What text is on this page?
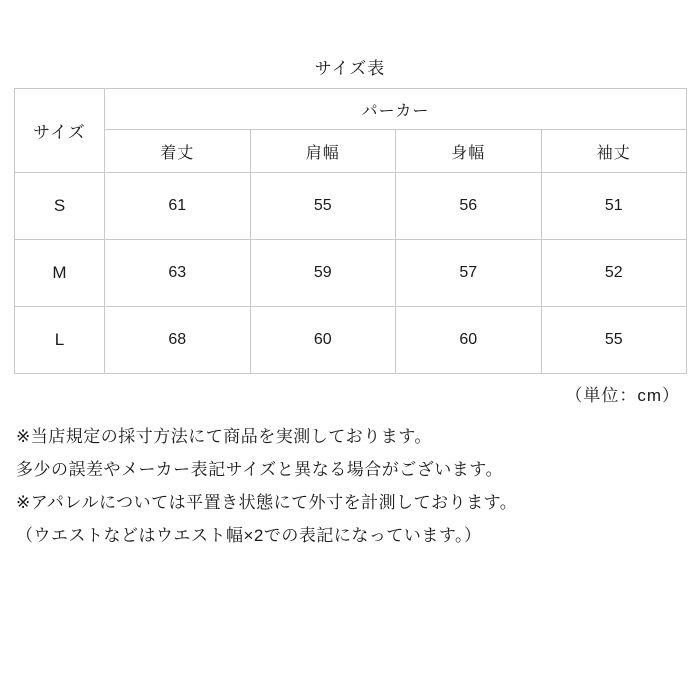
サイズ表
サイズ	パーカー			
	着丈	肩幅	身幅	袖丈
S	61	55	56	51
M	63	59	57	52
L	68	60	60	55
（単位：cm）
※当店規定の採寸方法にて商品を実測しております。
多少の誤差やメーカー表記サイズと異なる場合がございます。
※アパレルについては平置き状態にて外寸を計測しております。
（ウエストなどはウエスト幅×2での表記になっています。）
